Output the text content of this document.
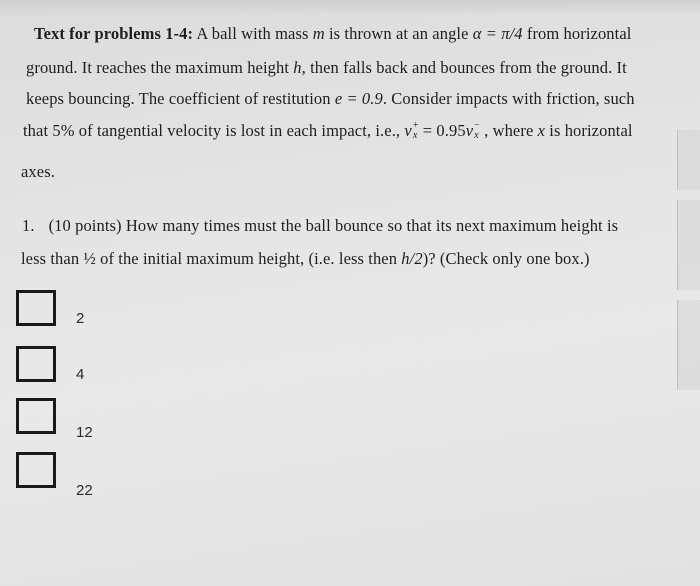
Text for problems 1-4: A ball with mass m is thrown at an angle α = π/4 from horizontal
ground. It reaches the maximum height h, then falls back and bounces from the ground. It
keeps bouncing. The coefficient of restitution e = 0.9. Consider impacts with friction, such
that 5% of tangential velocity is lost in each impact, i.e., v+
x = 0.95v−
x , where x is horizontal
axes.
1. (10 points) How many times must the ball bounce so that its next maximum height is
less than ½ of the initial maximum height, (i.e. less then h/2)? (Check only one box.)
2
4
12
22
